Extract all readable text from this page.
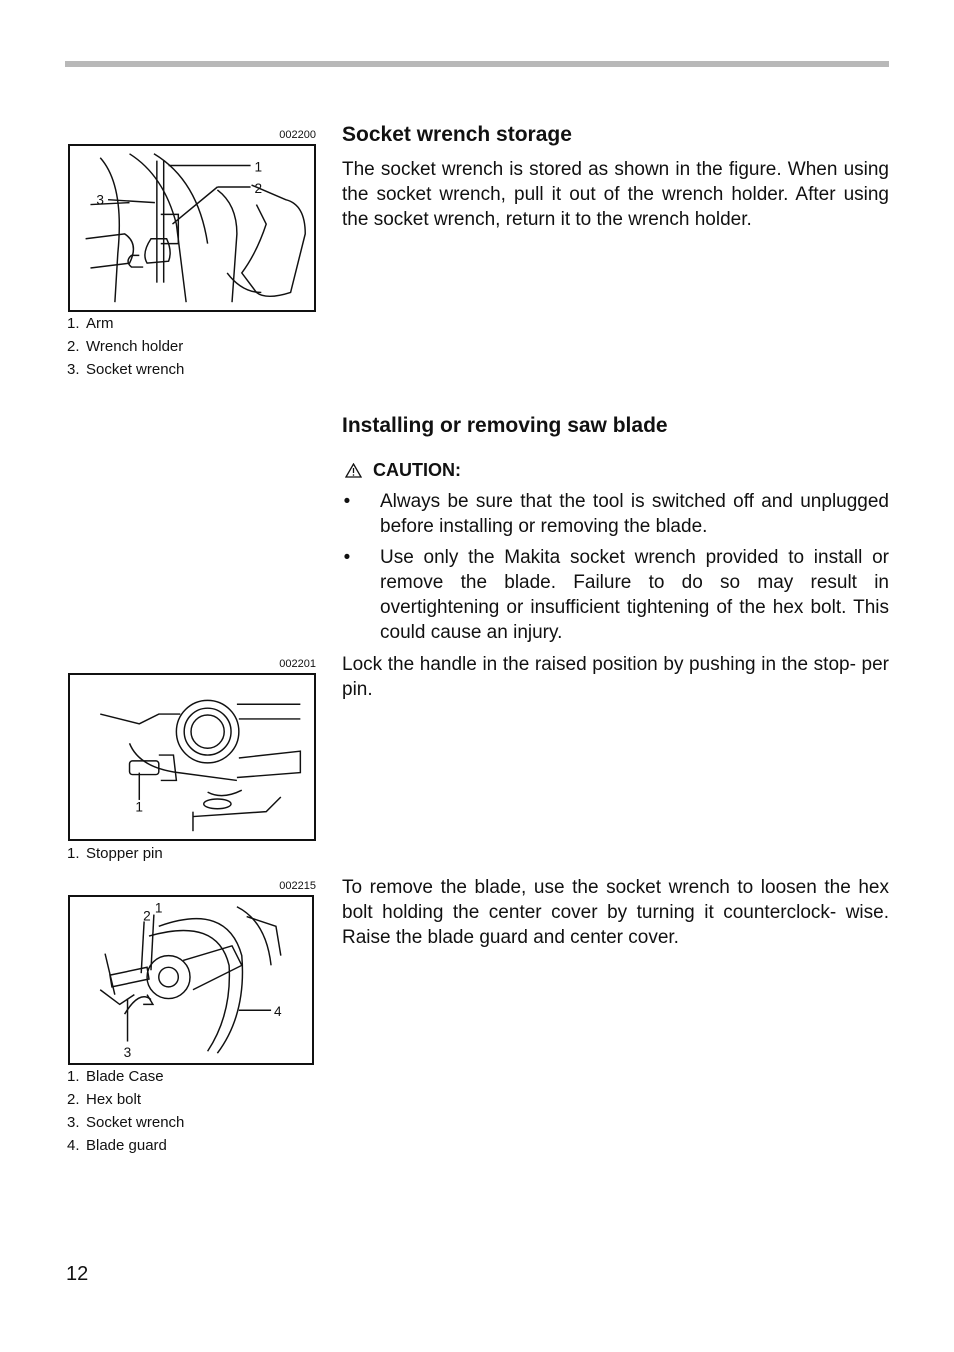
002200
1
2
3
1. Arm
2. Wrench holder
3. Socket wrench
Socket wrench storage

The socket wrench is stored as shown in the figure. When using the socket wrench, pull it out of the wrench holder. After using the socket wrench, return it to the wrench holder.

Installing or removing saw blade
CAUTION:
• Always be sure that the tool is switched off and unplugged before installing or removing the blade.
• Use only the Makita socket wrench provided to install or remove the blade. Failure to do so may result in overtightening or insufficient tightening of the hex bolt. This could cause an injury.
002201
1
1. Stopper pin

Lock the handle in the raised position by pushing in the stop- per pin.

002215
1
2
3
4
1. Blade Case
2. Hex bolt
3. Socket wrench
4. Blade guard

To remove the blade, use the socket wrench to loosen the hex bolt holding the center cover by turning it counterclock- wise. Raise the blade guard and center cover.

12
